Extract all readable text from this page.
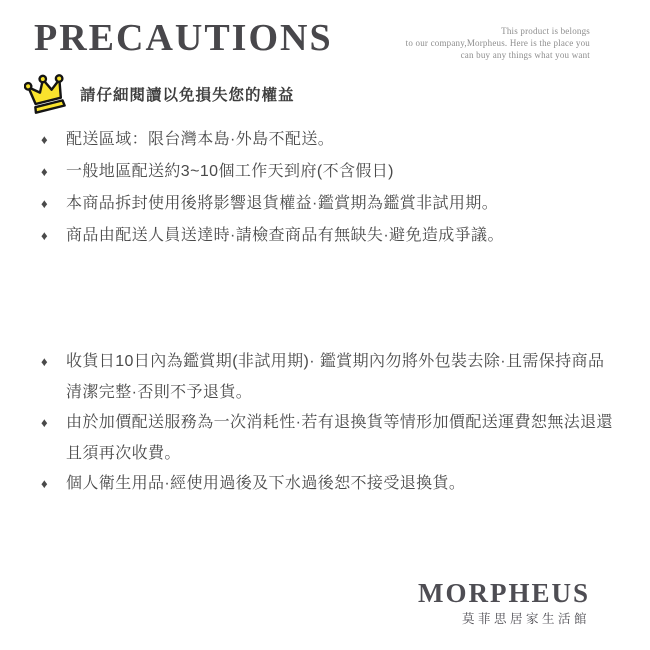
PRECAUTIONS	This product is belongs
to our company,Morpheus. Here is the place you
can buy any things what you want
請仔細閱讀以免損失您的權益
♦ 配送區域：限台灣本島·外島不配送。
♦ 一般地區配送約3~10個工作天到府(不含假日)
♦ 本商品拆封使用後將影響退貨權益·鑑賞期為鑑賞非試用期。
♦ 商品由配送人員送達時·請檢查商品有無缺失·避免造成爭議。
♦ 收貨日10日內為鑑賞期(非試用期)· 鑑賞期內勿將外包裝去除·且需保持商品清潔完整·否則不予退貨。
♦ 由於加價配送服務為一次消耗性·若有退換貨等情形加價配送運費恕無法退還且須再次收費。
♦ 個人衛生用品·經使用過後及下水過後恕不接受退換貨。
MORPHEUS
莫菲思居家生活館
